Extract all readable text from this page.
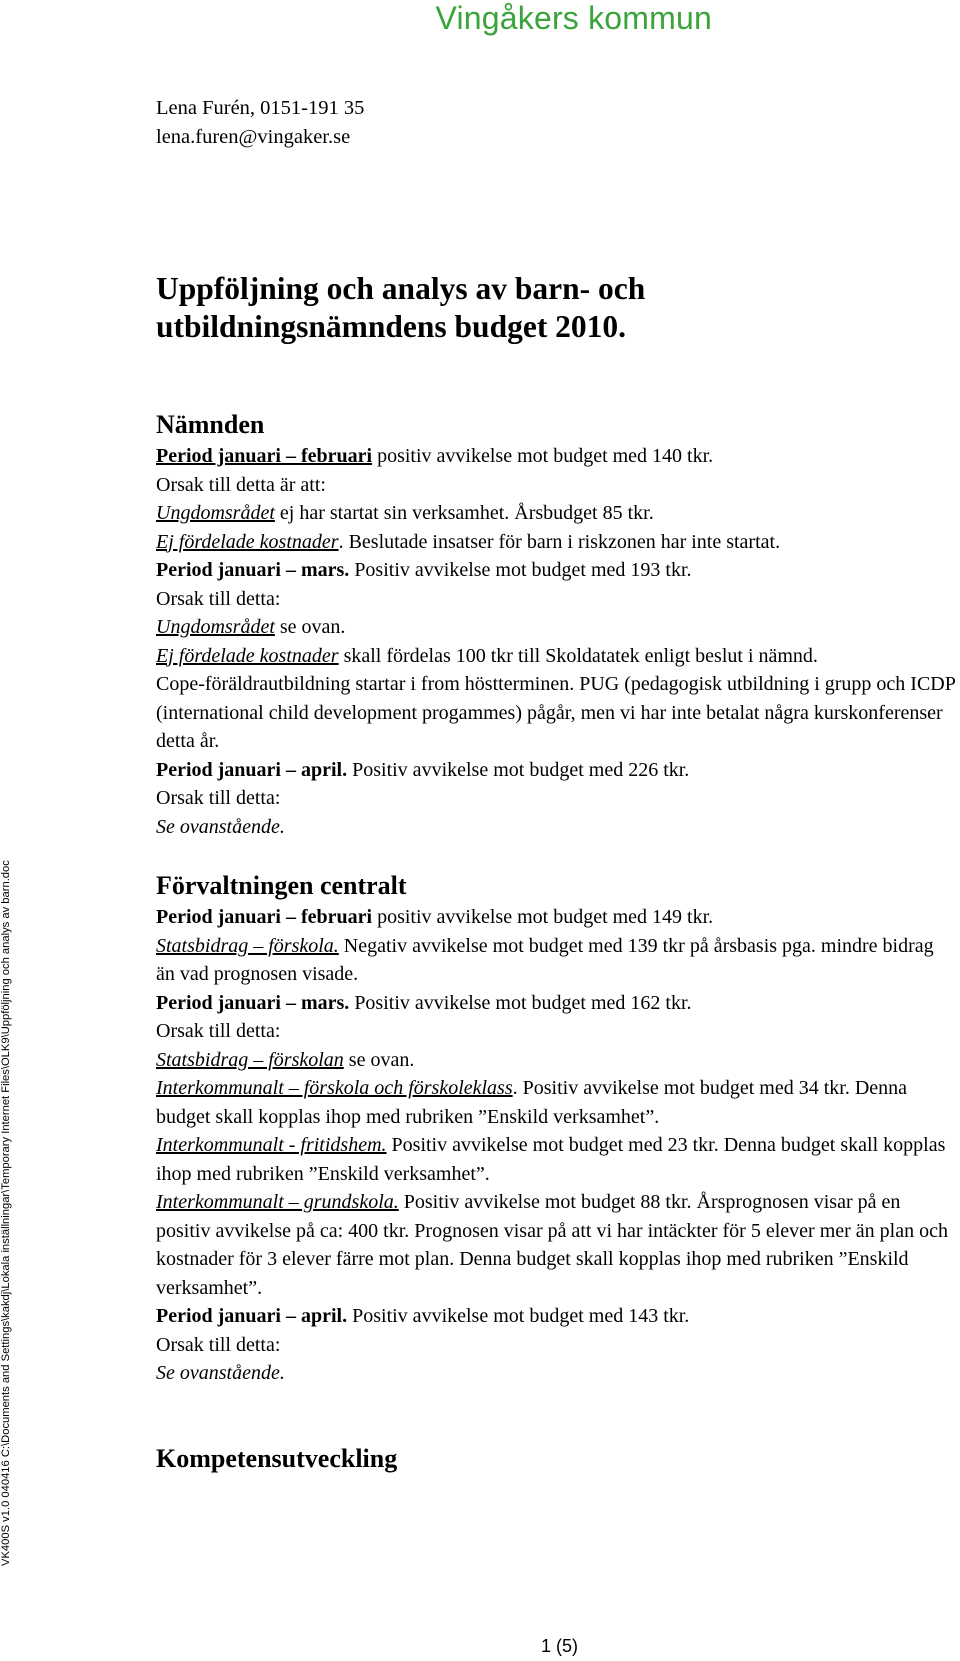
Vingåkers kommun
VK400S v1.0 040416 C:\Documents and Settings\kakdj\Lokala inställningar\Temporary Internet Files\OLK9\Uppföljning och analys av barn.doc
Lena Furén, 0151-191 35
lena.furen@vingaker.se
Uppföljning och analys av barn- och
utbildningsnämndens budget 2010.
Nämnden

Period januari – februari positiv avvikelse mot budget med 140 tkr.

Orsak till detta är att:

Ungdomsrådet ej har startat sin verksamhet. Årsbudget 85 tkr.

Ej fördelade kostnader. Beslutade insatser för barn i riskzonen har inte startat.

Period januari – mars. Positiv avvikelse mot budget med 193 tkr.

Orsak till detta:

Ungdomsrådet se ovan.

Ej fördelade kostnader skall fördelas 100 tkr till Skoldatatek enligt beslut i nämnd.

Cope-föräldrautbildning startar i from höstterminen. PUG (pedagogisk utbildning i grupp och ICDP (international child development progammes) pågår, men vi har inte betalat några kurskonferenser detta år.

Period januari – april. Positiv avvikelse mot budget med 226 tkr.

Orsak till detta:

Se ovanstående.

Förvaltningen centralt

Period januari – februari positiv avvikelse mot budget med 149 tkr.

Statsbidrag – förskola. Negativ avvikelse mot budget med 139 tkr på årsbasis pga. mindre bidrag än vad prognosen visade.

Period januari – mars. Positiv avvikelse mot budget med 162 tkr.

Orsak till detta:

Statsbidrag – förskolan se ovan.

Interkommunalt – förskola och förskoleklass. Positiv avvikelse mot budget med 34 tkr. Denna budget skall kopplas ihop med rubriken ”Enskild verksamhet”.

Interkommunalt - fritidshem. Positiv avvikelse mot budget med 23 tkr. Denna budget skall kopplas ihop med rubriken ”Enskild verksamhet”.

Interkommunalt – grundskola. Positiv avvikelse mot budget 88 tkr. Årsprognosen visar på en positiv avvikelse på ca: 400 tkr. Prognosen visar på att vi har intäckter för 5 elever mer än plan och kostnader för 3 elever färre mot plan. Denna budget skall kopplas ihop med rubriken ”Enskild verksamhet”.

Period januari – april. Positiv avvikelse mot budget med 143 tkr.

Orsak till detta:

Se ovanstående.

Kompetensutveckling
1 (5)
